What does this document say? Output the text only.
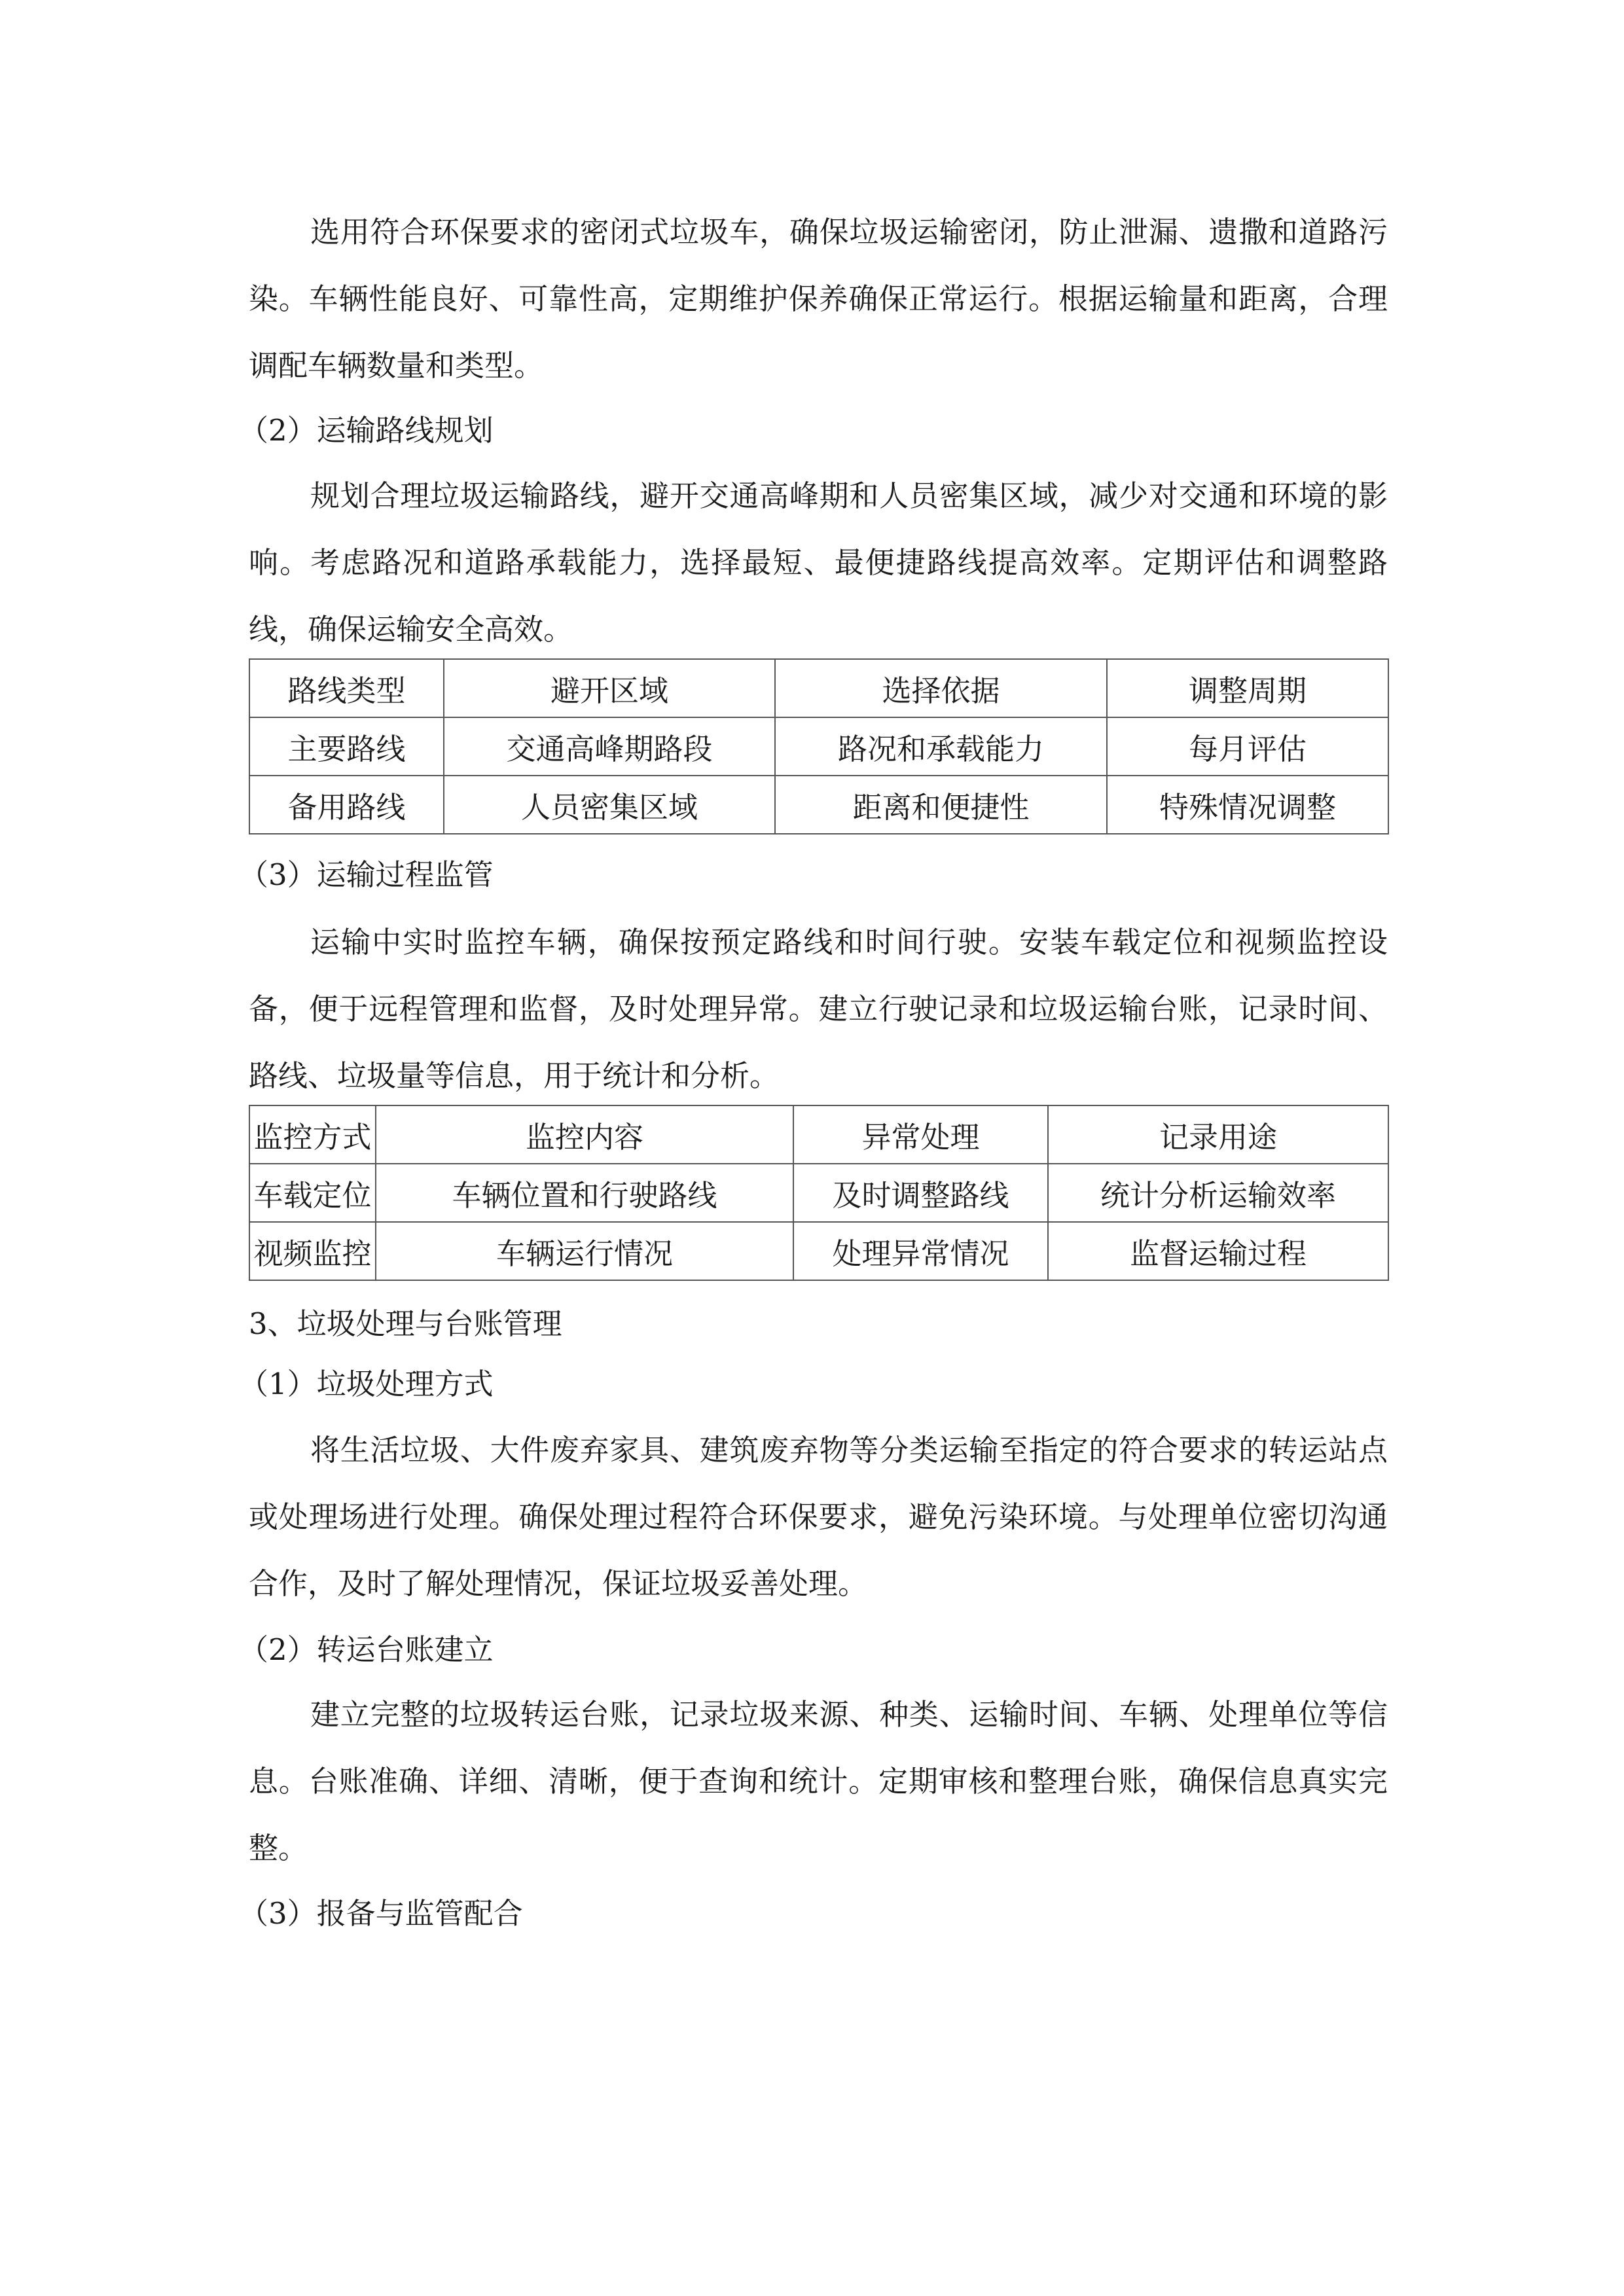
选用符合环保要求的密闭式垃圾车，确保垃圾运输密闭，防止泄漏、遗撒和道路污染。车辆性能良好、可靠性高，定期维护保养确保正常运行。根据运输量和距离，合理调配车辆数量和类型。

（2）运输路线规划

规划合理垃圾运输路线，避开交通高峰期和人员密集区域，减少对交通和环境的影响。考虑路况和道路承载能力，选择最短、最便捷路线提高效率。定期评估和调整路线，确保运输安全高效。

路线类型	避开区域	选择依据	调整周期
主要路线	交通高峰期路段	路况和承载能力	每月评估
备用路线	人员密集区域	距离和便捷性	特殊情况调整

（3）运输过程监管

运输中实时监控车辆，确保按预定路线和时间行驶。安装车载定位和视频监控设备，便于远程管理和监督，及时处理异常。建立行驶记录和垃圾运输台账，记录时间、路线、垃圾量等信息，用于统计和分析。

监控方式	监控内容	异常处理	记录用途
车载定位	车辆位置和行驶路线	及时调整路线	统计分析运输效率
视频监控	车辆运行情况	处理异常情况	监督运输过程

3、垃圾处理与台账管理

（1）垃圾处理方式

将生活垃圾、大件废弃家具、建筑废弃物等分类运输至指定的符合要求的转运站点或处理场进行处理。确保处理过程符合环保要求，避免污染环境。与处理单位密切沟通合作，及时了解处理情况，保证垃圾妥善处理。

（2）转运台账建立

建立完整的垃圾转运台账，记录垃圾来源、种类、运输时间、车辆、处理单位等信息。台账准确、详细、清晰，便于查询和统计。定期审核和整理台账，确保信息真实完整。

（3）报备与监管配合
